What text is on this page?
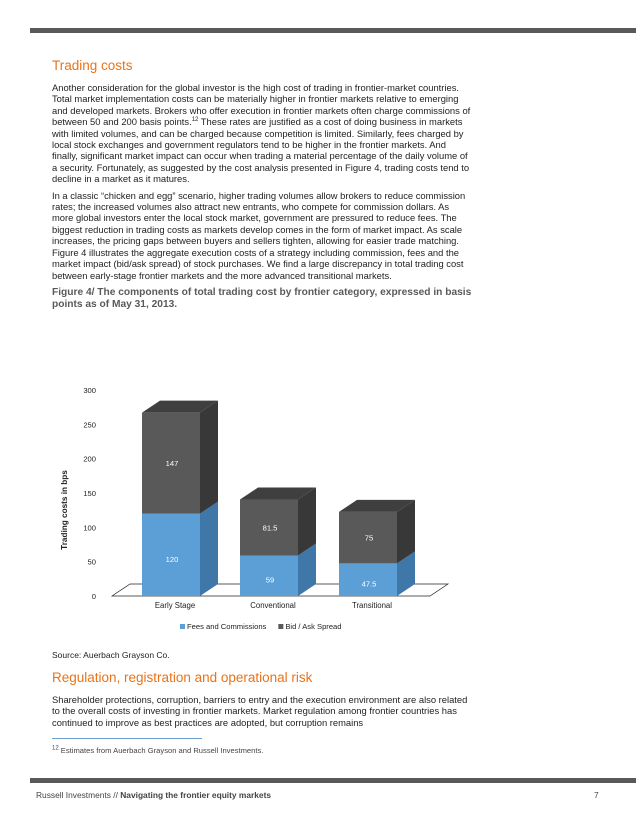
Trading costs

Another consideration for the global investor is the high cost of trading in frontier-market countries. Total market implementation costs can be materially higher in frontier markets relative to emerging and developed markets. Brokers who offer execution in frontier markets often charge commissions of between 50 and 200 basis points.$^{12}$ These rates are justified as a cost of doing business in markets with limited volumes, and can be charged because competition is limited. Similarly, fees charged by local stock exchanges and government regulators tend to be higher in the frontier markets. And finally, significant market impact can occur when trading a material percentage of the daily volume of a security. Fortunately, as suggested by the cost analysis presented in Figure 4, trading costs tend to decline in a market as it matures.

In a classic “chicken and egg” scenario, higher trading volumes allow brokers to reduce commission rates; the increased volumes also attract new entrants, who compete for commission dollars. As more global investors enter the local stock market, government are pressured to reduce fees. The biggest reduction in trading costs as markets develop comes in the form of market impact. As scale increases, the pricing gaps between buyers and sellers tighten, allowing for easier trade matching. Figure 4 illustrates the aggregate execution costs of a strategy including commission, fees and the market impact (bid/ask spread) of stock purchases. We find a large discrepancy in total trading cost between early-stage frontier markets and the more advanced transitional markets.

Figure 4/ The components of total trading cost by frontier category, expressed in basis points as of May 31, 2013.

0
50
100
150
200
250
300
120
147
59
81.5
47.5
75
Early Stage	Conventional	Transitional
Trading costs in bps
Fees and Commissions	Bid / Ask Spread
Source: Auerbach Grayson Co.
Regulation, registration and operational risk

Shareholder protections, corruption, barriers to entry and the execution environment are also related to the overall costs of investing in frontier markets. Market regulation among frontier countries has continued to improve as best practices are adopted, but corruption remains

$^{12}$ Estimates from Auerbach Grayson and Russell Investments.
Russell Investments // Navigating the frontier equity markets	7
